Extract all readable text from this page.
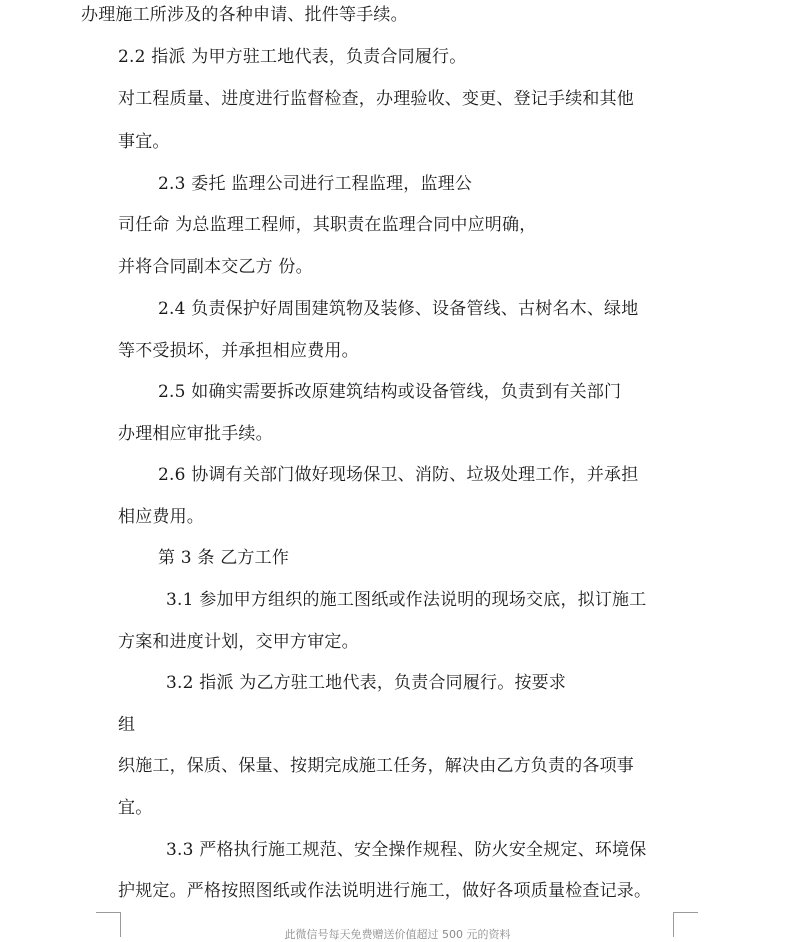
办理施工所涉及的各种申请、批件等手续。
2.2 指派 为甲方驻工地代表，负责合同履行。
对工程质量、进度进行监督检查，办理验收、变更、登记手续和其他
事宜。
2.3 委托 监理公司进行工程监理，监理公
司任命 为总监理工程师，其职责在监理合同中应明确，
并将合同副本交乙方 份。
2.4 负责保护好周围建筑物及装修、设备管线、古树名木、绿地
等不受损坏，并承担相应费用。
2.5 如确实需要拆改原建筑结构或设备管线，负责到有关部门
办理相应审批手续。
2.6 协调有关部门做好现场保卫、消防、垃圾处理工作，并承担
相应费用。
第 3 条 乙方工作
3.1 参加甲方组织的施工图纸或作法说明的现场交底，拟订施工
方案和进度计划，交甲方审定。
3.2 指派 为乙方驻工地代表，负责合同履行。按要求
组
织施工，保质、保量、按期完成施工任务，解决由乙方负责的各项事
宜。
3.3 严格执行施工规范、安全操作规程、防火安全规定、环境保
护规定。严格按照图纸或作法说明进行施工，做好各项质量检查记录。
此微信号每天免费赠送价值超过 500 元的资料
